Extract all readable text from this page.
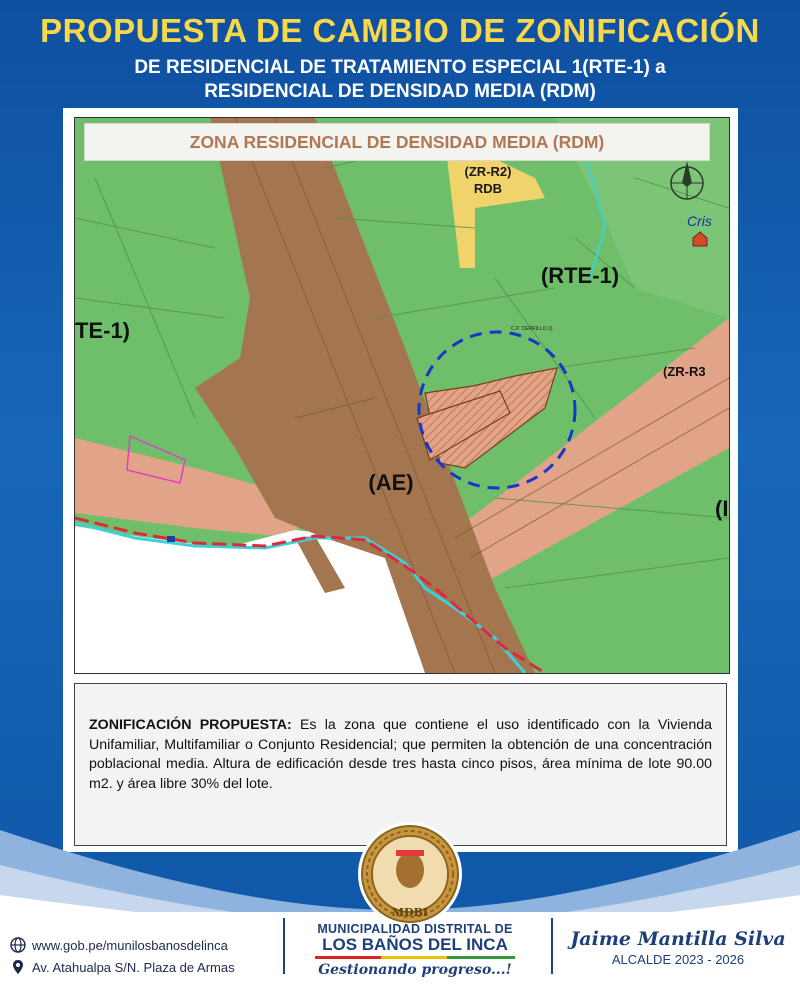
PROPUESTA DE CAMBIO DE ZONIFICACIÓN
DE RESIDENCIAL DE TRATAMIENTO ESPECIAL 1(RTE-1) a
RESIDENCIAL DE DENSIDAD MEDIA (RDM)
(ZR-R2)
RDB
(RTE-1)
TE-1)
(ZR-R3
(AE)
Cris
C.P. CERRILLO (I)
(I
ZONA RESIDENCIAL DE DENSIDAD MEDIA (RDM)
ZONIFICACIÓN PROPUESTA: Es la zona que contiene el uso identificado con la Vivienda Unifamiliar, Multifamiliar o Conjunto Residencial; que permiten la obtención de una concentración poblacional media. Altura de edificación desde tres hasta cinco pisos, área mínima de lote 90.00 m2. y área libre 30% del lote.
MDBI
www.gob.pe/munilosbanosdelinca
Av. Atahualpa S/N. Plaza de Armas
MUNICIPALIDAD DISTRITAL DE
LOS BAÑOS DEL INCA
Gestionando progreso...!
Jaime Mantilla Silva
ALCALDE 2023 - 2026
